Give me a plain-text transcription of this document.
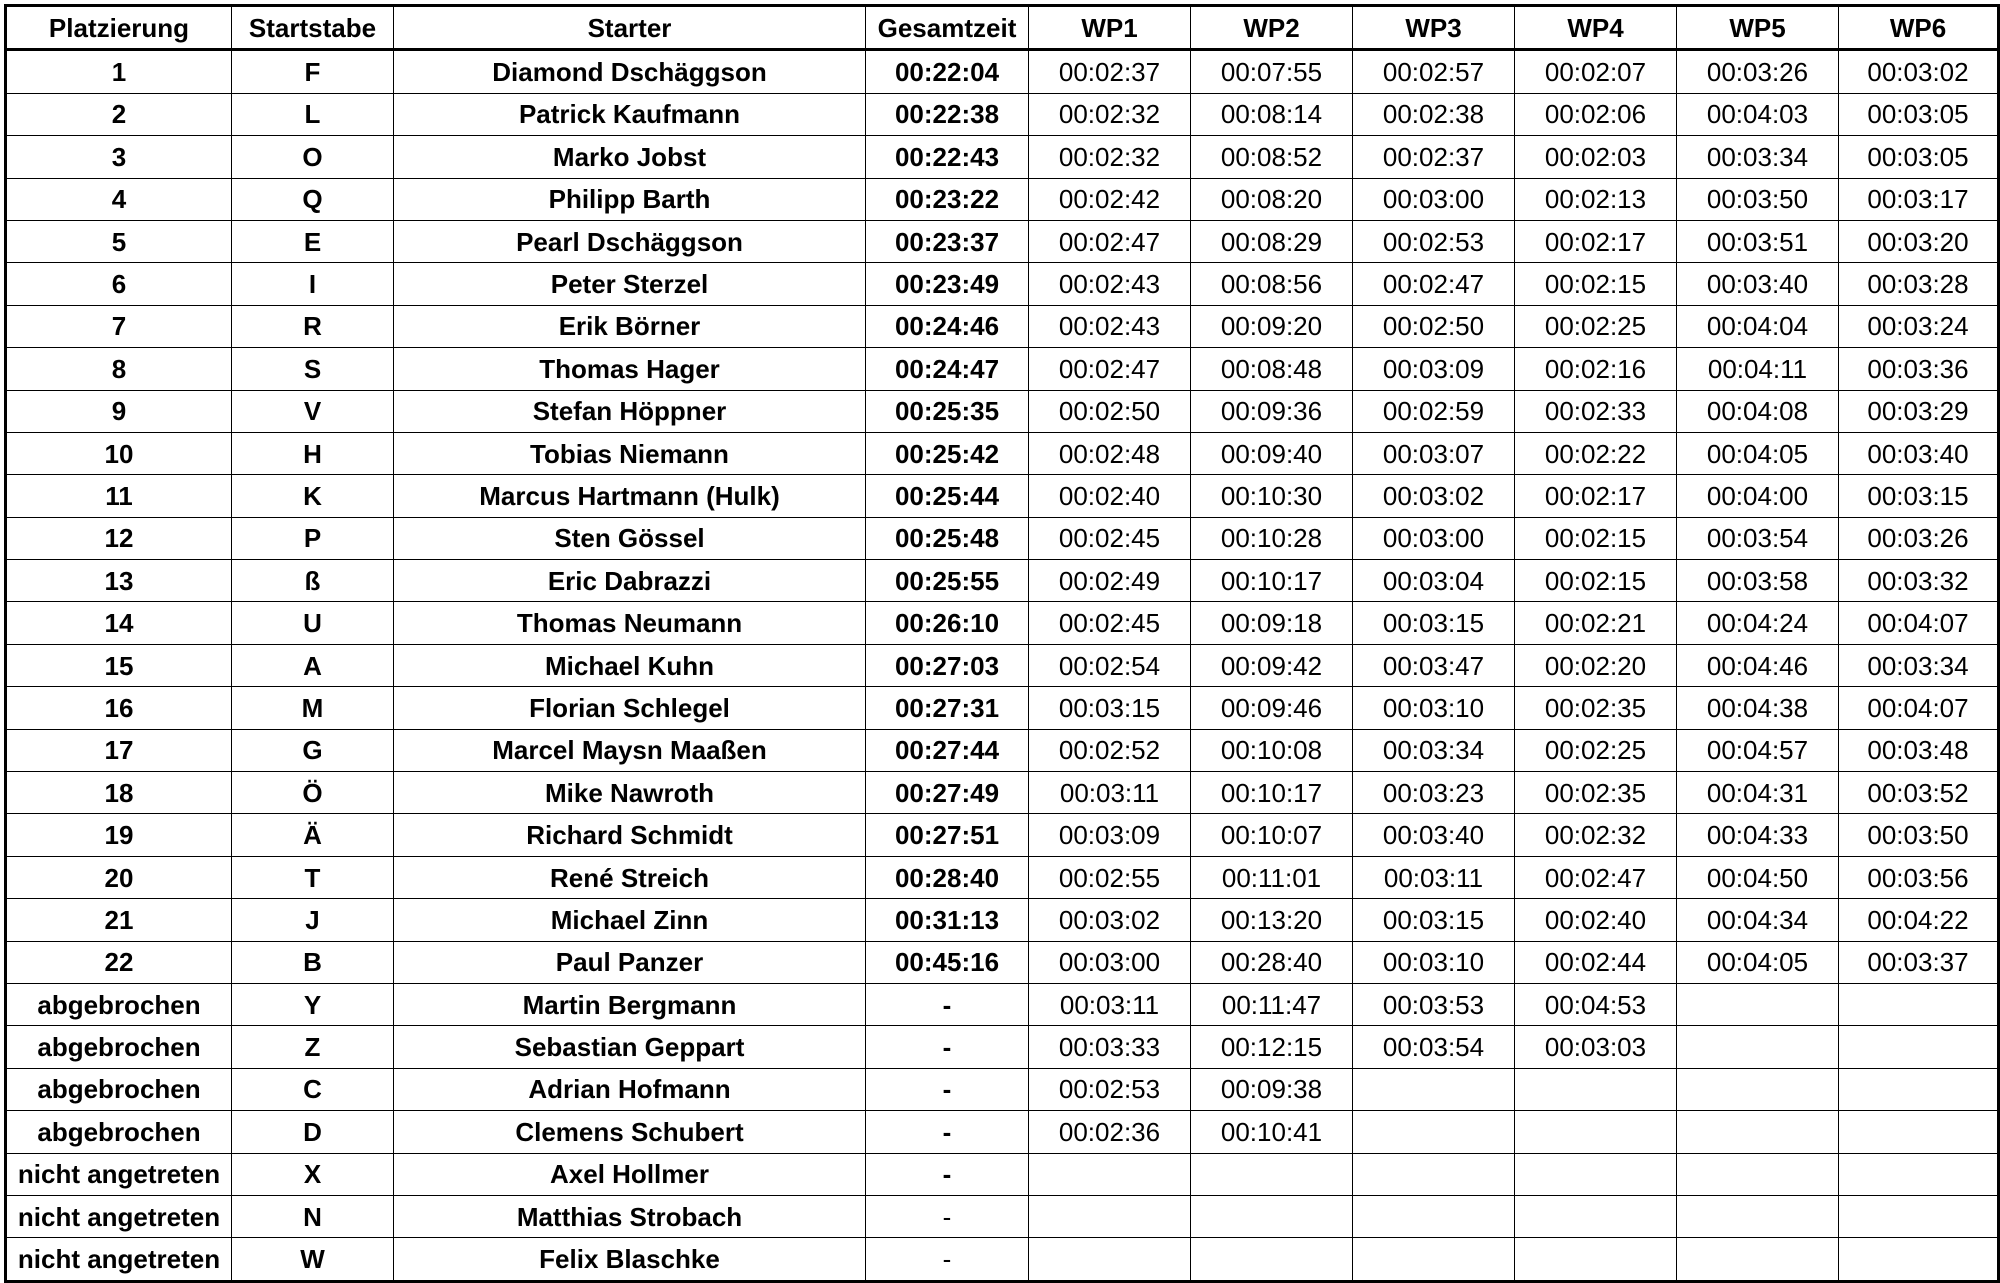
Platzierung	Startstabe	Starter	Gesamtzeit	WP1	WP2	WP3	WP4	WP5	WP6
1	F	Diamond Dschäggson	00:22:04	00:02:37	00:07:55	00:02:57	00:02:07	00:03:26	00:03:02
2	L	Patrick Kaufmann	00:22:38	00:02:32	00:08:14	00:02:38	00:02:06	00:04:03	00:03:05
3	O	Marko Jobst	00:22:43	00:02:32	00:08:52	00:02:37	00:02:03	00:03:34	00:03:05
4	Q	Philipp Barth	00:23:22	00:02:42	00:08:20	00:03:00	00:02:13	00:03:50	00:03:17
5	E	Pearl Dschäggson	00:23:37	00:02:47	00:08:29	00:02:53	00:02:17	00:03:51	00:03:20
6	I	Peter Sterzel	00:23:49	00:02:43	00:08:56	00:02:47	00:02:15	00:03:40	00:03:28
7	R	Erik Börner	00:24:46	00:02:43	00:09:20	00:02:50	00:02:25	00:04:04	00:03:24
8	S	Thomas Hager	00:24:47	00:02:47	00:08:48	00:03:09	00:02:16	00:04:11	00:03:36
9	V	Stefan Höppner	00:25:35	00:02:50	00:09:36	00:02:59	00:02:33	00:04:08	00:03:29
10	H	Tobias Niemann	00:25:42	00:02:48	00:09:40	00:03:07	00:02:22	00:04:05	00:03:40
11	K	Marcus Hartmann (Hulk)	00:25:44	00:02:40	00:10:30	00:03:02	00:02:17	00:04:00	00:03:15
12	P	Sten Gössel	00:25:48	00:02:45	00:10:28	00:03:00	00:02:15	00:03:54	00:03:26
13	ß	Eric Dabrazzi	00:25:55	00:02:49	00:10:17	00:03:04	00:02:15	00:03:58	00:03:32
14	U	Thomas Neumann	00:26:10	00:02:45	00:09:18	00:03:15	00:02:21	00:04:24	00:04:07
15	A	Michael Kuhn	00:27:03	00:02:54	00:09:42	00:03:47	00:02:20	00:04:46	00:03:34
16	M	Florian Schlegel	00:27:31	00:03:15	00:09:46	00:03:10	00:02:35	00:04:38	00:04:07
17	G	Marcel Maysn Maaßen	00:27:44	00:02:52	00:10:08	00:03:34	00:02:25	00:04:57	00:03:48
18	Ö	Mike Nawroth	00:27:49	00:03:11	00:10:17	00:03:23	00:02:35	00:04:31	00:03:52
19	Ä	Richard Schmidt	00:27:51	00:03:09	00:10:07	00:03:40	00:02:32	00:04:33	00:03:50
20	T	René Streich	00:28:40	00:02:55	00:11:01	00:03:11	00:02:47	00:04:50	00:03:56
21	J	Michael Zinn	00:31:13	00:03:02	00:13:20	00:03:15	00:02:40	00:04:34	00:04:22
22	B	Paul Panzer	00:45:16	00:03:00	00:28:40	00:03:10	00:02:44	00:04:05	00:03:37
abgebrochen	Y	Martin Bergmann	-	00:03:11	00:11:47	00:03:53	00:04:53		
abgebrochen	Z	Sebastian Geppart	-	00:03:33	00:12:15	00:03:54	00:03:03		
abgebrochen	C	Adrian Hofmann	-	00:02:53	00:09:38				
abgebrochen	D	Clemens Schubert	-	00:02:36	00:10:41				
nicht angetreten	X	Axel Hollmer	-						
nicht angetreten	N	Matthias Strobach	-						
nicht angetreten	W	Felix Blaschke	-						
